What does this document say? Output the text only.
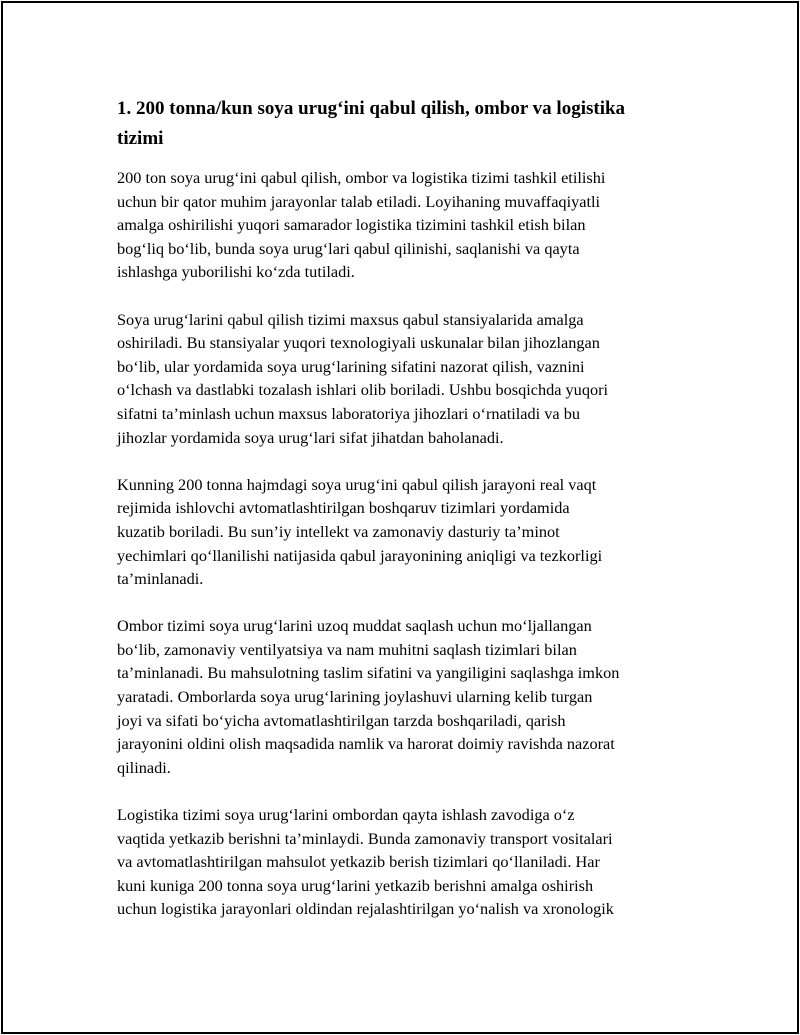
1. 200 tonna/kun soya urug‘ini qabul qilish, ombor va logistika
tizimi

200 ton soya urug‘ini qabul qilish, ombor va logistika tizimi tashkil etilishi
uchun bir qator muhim jarayonlar talab etiladi. Loyihaning muvaffaqiyatli
amalga oshirilishi yuqori samarador logistika tizimini tashkil etish bilan
bog‘liq bo‘lib, bunda soya urug‘lari qabul qilinishi, saqlanishi va qayta
ishlashga yuborilishi ko‘zda tutiladi.

Soya urug‘larini qabul qilish tizimi maxsus qabul stansiyalarida amalga
oshiriladi. Bu stansiyalar yuqori texnologiyali uskunalar bilan jihozlangan
bo‘lib, ular yordamida soya urug‘larining sifatini nazorat qilish, vaznini
o‘lchash va dastlabki tozalash ishlari olib boriladi. Ushbu bosqichda yuqori
sifatni ta’minlash uchun maxsus laboratoriya jihozlari o‘rnatiladi va bu
jihozlar yordamida soya urug‘lari sifat jihatdan baholanadi.

Kunning 200 tonna hajmdagi soya urug‘ini qabul qilish jarayoni real vaqt
rejimida ishlovchi avtomatlashtirilgan boshqaruv tizimlari yordamida
kuzatib boriladi. Bu sun’iy intellekt va zamonaviy dasturiy ta’minot
yechimlari qo‘llanilishi natijasida qabul jarayonining aniqligi va tezkorligi
ta’minlanadi.

Ombor tizimi soya urug‘larini uzoq muddat saqlash uchun mo‘ljallangan
bo‘lib, zamonaviy ventilyatsiya va nam muhitni saqlash tizimlari bilan
ta’minlanadi. Bu mahsulotning taslim sifatini va yangiligini saqlashga imkon
yaratadi. Omborlarda soya urug‘larining joylashuvi ularning kelib turgan
joyi va sifati bo‘yicha avtomatlashtirilgan tarzda boshqariladi, qarish
jarayonini oldini olish maqsadida namlik va harorat doimiy ravishda nazorat
qilinadi.

Logistika tizimi soya urug‘larini ombordan qayta ishlash zavodiga o‘z
vaqtida yetkazib berishni ta’minlaydi. Bunda zamonaviy transport vositalari
va avtomatlashtirilgan mahsulot yetkazib berish tizimlari qo‘llaniladi. Har
kuni kuniga 200 tonna soya urug‘larini yetkazib berishni amalga oshirish
uchun logistika jarayonlari oldindan rejalashtirilgan yo‘nalish va xronologik
